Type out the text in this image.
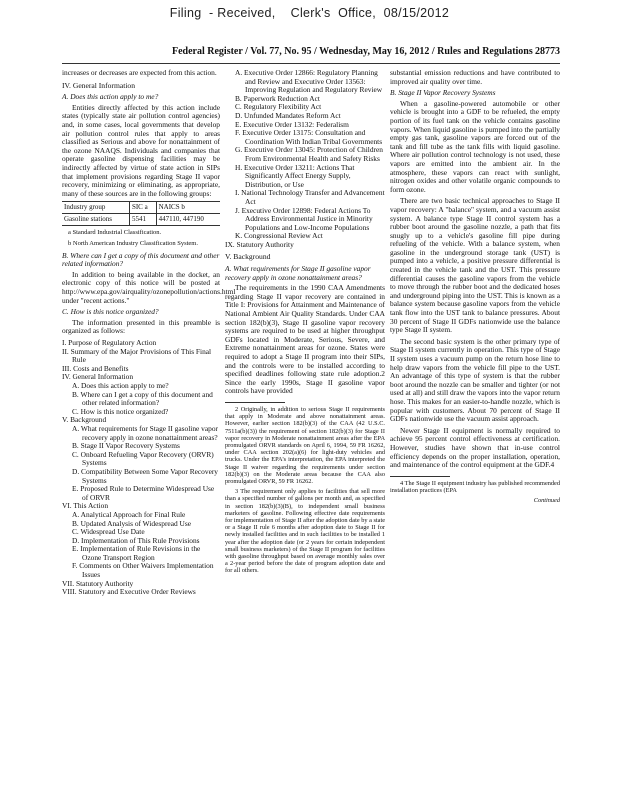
Filing  - Received,    Clerk's  Office,  08/15/2012
Federal Register / Vol. 77, No. 95 / Wednesday, May 16, 2012 / Rules and Regulations 28773

increases or decreases are expected from this action.

IV. General Information
A. Does this action apply to me?

Entities directly affected by this action include states (typically state air pollution control agencies) and, in some cases, local governments that develop air pollution control rules that apply to areas classified as Serious and above for nonattainment of the ozone NAAQS. Individuals and companies that operate gasoline dispensing facilities may be indirectly affected by virtue of state action in SIPs that implement provisions regarding Stage II vapor recovery, minimizing or eliminating, as appropriate, many of these sources are in the following groups:

Industry group	SIC a	NAICS b
Gasoline stations	5541	447110, 447190

a Standard Industrial Classification.

b North American Industry Classification System.

B. Where can I get a copy of this document and other related information?

In addition to being available in the docket, an electronic copy of this notice will be posted at http://www.epa.gov/airquality/ozonepollution/actions.html under "recent actions."

C. How is this notice organized?

The information presented in this preamble is organized as follows:

I. Purpose of Regulatory Action
II. Summary of the Major Provisions of This Final Rule
III. Costs and Benefits
IV. General Information
A. Does this action apply to me?
B. Where can I get a copy of this document and other related information?
C. How is this notice organized?
V. Background
A. What requirements for Stage II gasoline vapor recovery apply in ozone nonattainment areas?
B. Stage II Vapor Recovery Systems
C. Onboard Refueling Vapor Recovery (ORVR) Systems
D. Compatibility Between Some Vapor Recovery Systems
E. Proposed Rule to Determine Widespread Use of ORVR
VI. This Action
A. Analytical Approach for Final Rule
B. Updated Analysis of Widespread Use
C. Widespread Use Date
D. Implementation of This Rule Provisions
E. Implementation of Rule Revisions in the Ozone Transport Region
F. Comments on Other Waivers Implementation Issues
VII. Statutory Authority
VIII. Statutory and Executive Order Reviews
A. Executive Order 12866: Regulatory Planning and Review and Executive Order 13563: Improving Regulation and Regulatory Review
B. Paperwork Reduction Act
C. Regulatory Flexibility Act
D. Unfunded Mandates Reform Act
E. Executive Order 13132: Federalism
F. Executive Order 13175: Consultation and Coordination With Indian Tribal Governments
G. Executive Order 13045: Protection of Children From Environmental Health and Safety Risks
H. Executive Order 13211: Actions That Significantly Affect Energy Supply, Distribution, or Use
I. National Technology Transfer and Advancement Act
J. Executive Order 12898: Federal Actions To Address Environmental Justice in Minority Populations and Low-Income Populations
K. Congressional Review Act
IX. Statutory Authority
V. Background
A. What requirements for Stage II gasoline vapor recovery apply in ozone nonattainment areas?

The requirements in the 1990 CAA Amendments regarding Stage II vapor recovery are contained in Title I: Provisions for Attainment and Maintenance of National Ambient Air Quality Standards. Under CAA section 182(b)(3), Stage II gasoline vapor recovery systems are required to be used at higher throughput GDFs located in Moderate, Serious, Severe, and Extreme nonattainment areas for ozone. States were required to adopt a Stage II program into their SIPs, and the controls were to be installed according to specified deadlines following state rule adoption.2 Since the early 1990s, Stage II gasoline vapor controls have provided

2 Originally, in addition to serious Stage II requirements that apply in Moderate and above nonattainment areas. However, earlier section 182(b)(3) of the CAA (42 U.S.C. 7511a(b)(3)) the requirement of section 182(b)(3) for Stage II vapor recovery in Moderate nonattainment areas after the EPA promulgated ORVR standards on April 6, 1994, 59 FR 16262, under CAA section 202(a)(6) for light-duty vehicles and trucks. Under the EPA's interpretation, the EPA interpreted the Stage II waiver regarding the requirements under section 182(b)(3) on the Moderate areas because the CAA also promulgated ORVR, 59 FR 16262.

3 The requirement only applies to facilities that sell more than a specified number of gallons per month and, as specified in section 182(b)(3)(B), to independent small business marketers of gasoline. Following effective date requirements for implementation of Stage II after the adoption date by a state or a Stage II rule 6 months after adoption date to Stage II for newly installed facilities and in such facilities to be installed 1 year after the adoption date (or 2 years for certain independent small business marketers) of the Stage II program for facilities with gasoline throughput based on average monthly sales over a 2-year period before the date of program adoption date and for all others.

substantial emission reductions and have contributed to improved air quality over time.

B. Stage II Vapor Recovery Systems

When a gasoline-powered automobile or other vehicle is brought into a GDF to be refueled, the empty portion of its fuel tank on the vehicle contains gasoline vapors. When liquid gasoline is pumped into the partially empty gas tank, gasoline vapors are forced out of the tank and fill tube as the tank fills with liquid gasoline. Where air pollution control technology is not used, these vapors are emitted into the ambient air. In the atmosphere, these vapors can react with sunlight, nitrogen oxides and other volatile organic compounds to form ozone.

There are two basic technical approaches to Stage II vapor recovery: A "balance" system, and a vacuum assist system. A balance type Stage II control system has a rubber boot around the gasoline nozzle, a path that fits snugly up to a vehicle's gasoline fill pipe during refueling of the vehicle. With a balance system, when gasoline in the underground storage tank (UST) is pumped into a vehicle, a positive pressure differential is created in the vehicle tank and the UST. This pressure differential causes the gasoline vapors from the vehicle to move through the rubber boot and the dedicated hoses and underground piping into the UST. This is known as a balance system because gasoline vapors from the vehicle tank flow into the UST tank to balance pressures. About 30 percent of Stage II GDFs nationwide use the balance type Stage II system.

The second basic system is the other primary type of Stage II system currently in operation. This type of Stage II system uses a vacuum pump on the return hose line to help draw vapors from the vehicle fill pipe to the UST. An advantage of this type of system is that the rubber boot around the nozzle can be smaller and tighter (or not used at all) and still draw the vapors into the vapor return hose. This makes for an easier-to-handle nozzle, which is popular with customers. About 70 percent of Stage II GDFs nationwide use the vacuum assist approach.

Newer Stage II equipment is normally required to achieve 95 percent control effectiveness at certification. However, studies have shown that in-use control efficiency depends on the proper installation, operation, and maintenance of the control equipment at the GDF.4

4 The Stage II equipment industry has published recommended installation practices (EPA

Continued
